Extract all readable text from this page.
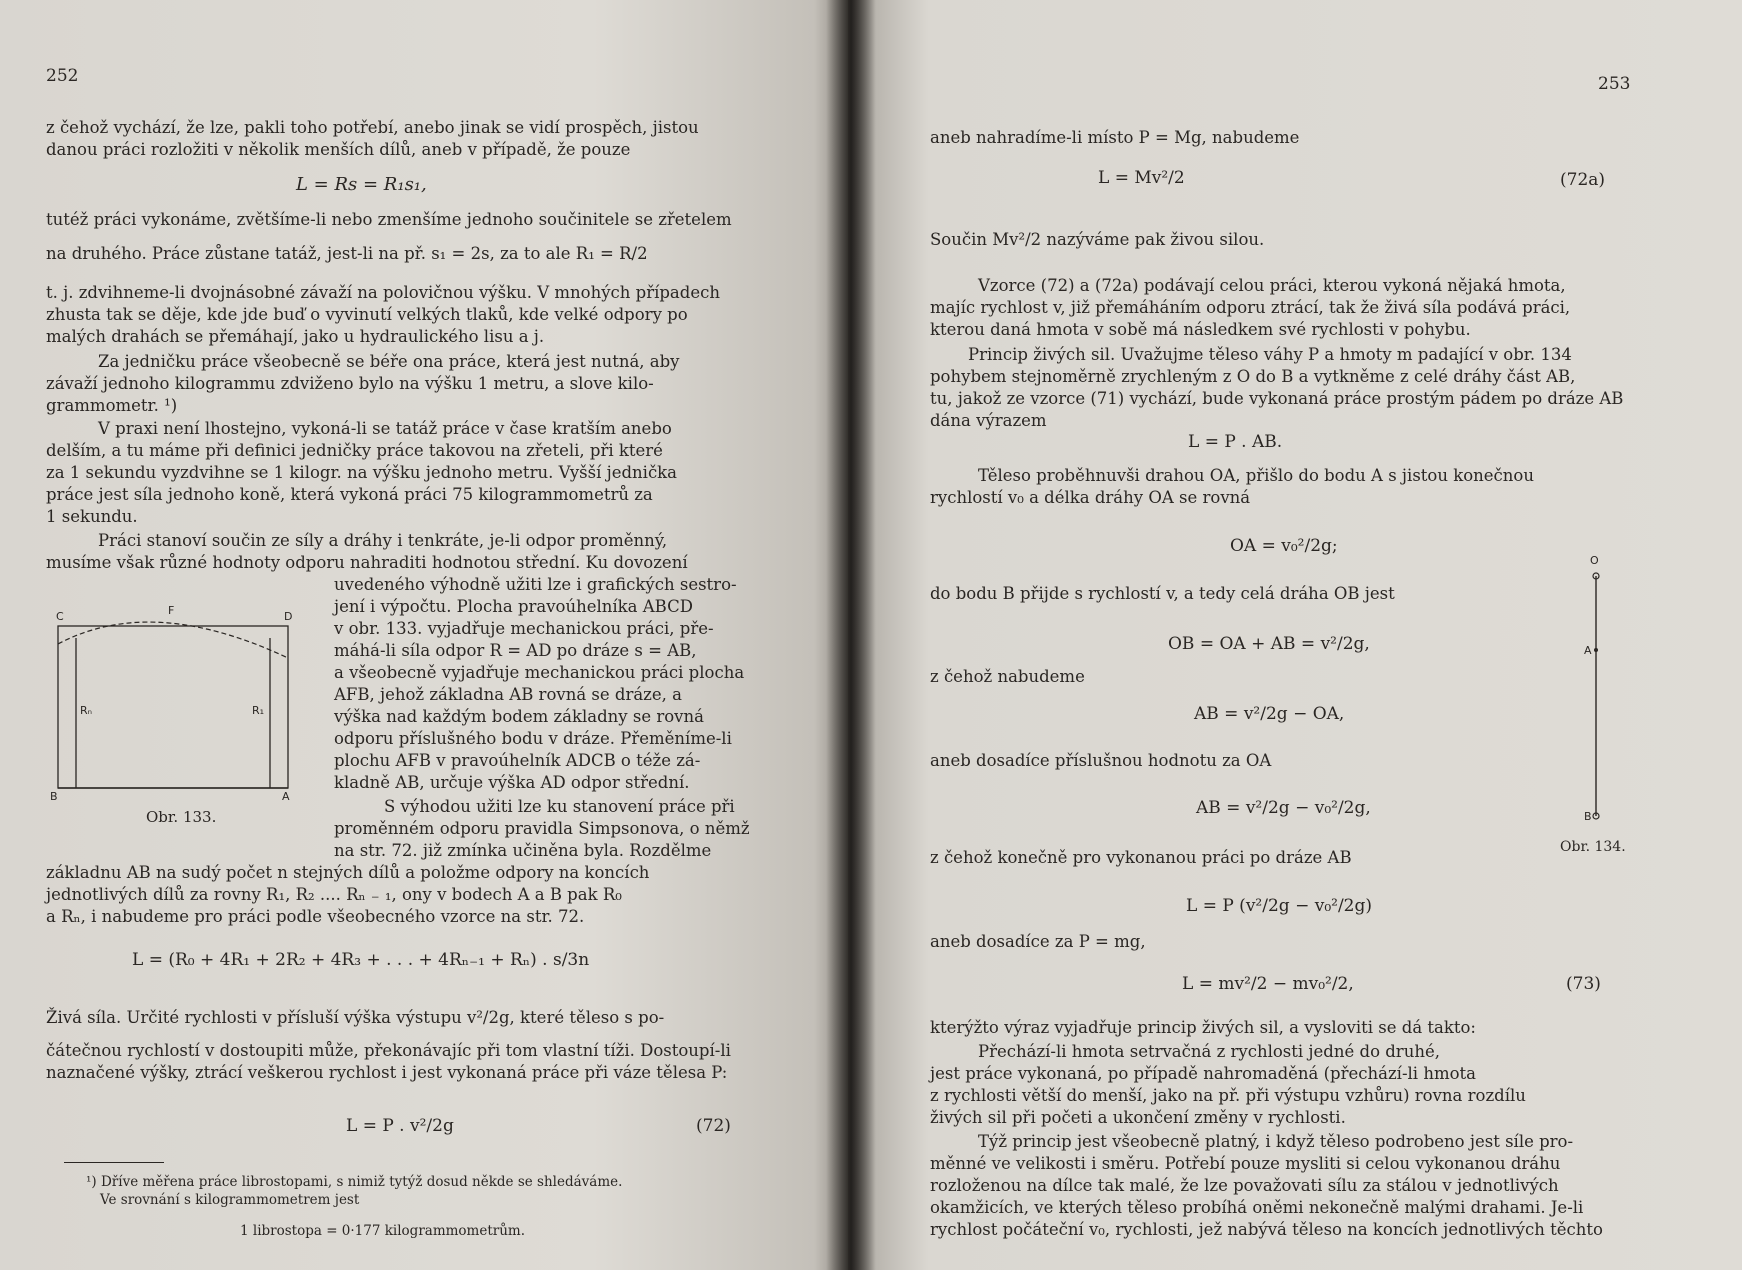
252
z čehož vychází, že lze, pakli toho potřebí, anebo jinak se vidí prospěch, jistou
danou práci rozložiti v několik menších dílů, aneb v případě, že pouze
L = Rs = R₁s₁,
tutéž práci vykonáme, zvětšíme-li nebo zmenšíme jednoho součinitele se zřetelem
na druhého. Práce zůstane tatáž, jest-li na př. s₁ = 2s, za to ale R₁ = R/2
t. j. zdvihneme-li dvojnásobné závaží na polovičnou výšku. V mnohých případech
zhusta tak se děje, kde jde buď o vyvinutí velkých tlaků, kde velké odpory po
malých drahách se přemáhají, jako u hydraulického lisu a j.
Za jedničku práce všeobecně se béře ona práce, která jest nutná, aby
závaží jednoho kilogrammu zdviženo bylo na výšku 1 metru, a slove kilo-
grammometr. ¹)
V praxi není lhostejno, vykoná-li se tatáž práce v čase kratším anebo
delším, a tu máme při definici jedničky práce takovou na zřeteli, při které
za 1 sekundu vyzdvihne se 1 kilogr. na výšku jednoho metru. Vyšší jednička
práce jest síla jednoho koně, která vykoná práci 75 kilogrammometrů za
1 sekundu.
Práci stanoví součin ze síly a dráhy i tenkráte, je-li odpor proměnný,
musíme však různé hodnoty odporu nahraditi hodnotou střední. Ku dovození
uvedeného výhodně užiti lze i grafických sestro-
jení i výpočtu. Plocha pravoúhelníka ABCD
v obr. 133. vyjadřuje mechanickou práci, pře-
máhá-li síla odpor R = AD po dráze s = AB,
a všeobecně vyjadřuje mechanickou práci plocha
AFB, jehož základna AB rovná se dráze, a
výška nad každým bodem základny se rovná
odporu příslušného bodu v dráze. Přeměníme-li
plochu AFB v pravoúhelník ADCB o téže zá-
kladně AB, určuje výška AD odpor střední.
S výhodou užiti lze ku stanovení práce při
proměnném odporu pravidla Simpsonova, o němž
na str. 72. již zmínka učiněna byla. Rozdělme
C	F	D
Rₙ	R₁
B	A
Obr. 133.
základnu AB na sudý počet n stejných dílů a položme odpory na koncích
jednotlivých dílů za rovny R₁, R₂ .... Rₙ ₋ ₁, ony v bodech A a B pak R₀
a Rₙ, i nabudeme pro práci podle všeobecného vzorce na str. 72.
L = (R₀ + 4R₁ + 2R₂ + 4R₃ + . . . + 4Rₙ₋₁ + Rₙ) . s/3n
Živá síla. Určité rychlosti v přísluší výška výstupu v²/2g, které těleso s po-
čátečnou rychlostí v dostoupiti může, překonávajíc při tom vlastní tíži. Dostoupí-li
naznačené výšky, ztrácí veškerou rychlost i jest vykonaná práce při váze tělesa P:
L = P . v²/2g	(72)
¹) Dříve měřena práce librostopami, s nimiž tytýž dosud někde se shledáváme.
Ve srovnání s kilogrammometrem jest
1 librostopa = 0·177 kilogrammometrům.
253
aneb nahradíme-li místo P = Mg, nabudeme
L = Mv²/2	(72a)
Součin Mv²/2 nazýváme pak živou silou.
Vzorce (72) a (72a) podávají celou práci, kterou vykoná nějaká hmota,
majíc rychlost v, již přemáháním odporu ztrácí, tak že živá síla podává práci,
kterou daná hmota v sobě má následkem své rychlosti v pohybu.
Princip živých sil. Uvažujme těleso váhy P a hmoty m padající v obr. 134
pohybem stejnoměrně zrychleným z O do B a vytkněme z celé dráhy část AB,
tu, jakož ze vzorce (71) vychází, bude vykonaná práce prostým pádem po dráze AB
dána výrazem
L = P . AB.
Těleso proběhnuvši drahou OA, přišlo do bodu A s jistou konečnou
rychlostí v₀ a délka dráhy OA se rovná
OA = v₀²/2g;
do bodu B přijde s rychlostí v, a tedy celá dráha OB jest
OB = OA + AB = v²/2g,
z čehož nabudeme
AB = v²/2g − OA,
aneb dosadíce příslušnou hodnotu za OA
AB = v²/2g − v₀²/2g,
z čehož konečně pro vykonanou práci po dráze AB
L = P (v²/2g − v₀²/2g)
aneb dosadíce za P = mg,
L = mv²/2 − mv₀²/2,	(73)
kterýžto výraz vyjadřuje princip živých sil, a vysloviti se dá takto:
Přechází-li hmota setrvačná z rychlosti jedné do druhé,
jest práce vykonaná, po případě nahromaděná (přechází-li hmota
z rychlosti větší do menší, jako na př. při výstupu vzhůru) rovna rozdílu
živých sil při početi a ukončení změny v rychlosti.
Týž princip jest všeobecně platný, i když těleso podrobeno jest síle pro-
měnné ve velikosti i směru. Potřebí pouze mysliti si celou vykonanou dráhu
rozloženou na dílce tak malé, že lze považovati sílu za stálou v jednotlivých
okamžicích, ve kterých těleso probíhá oněmi nekonečně malými drahami. Je-li
rychlost počáteční v₀, rychlosti, jež nabývá těleso na koncích jednotlivých těchto
O
A
B
Obr. 134.
